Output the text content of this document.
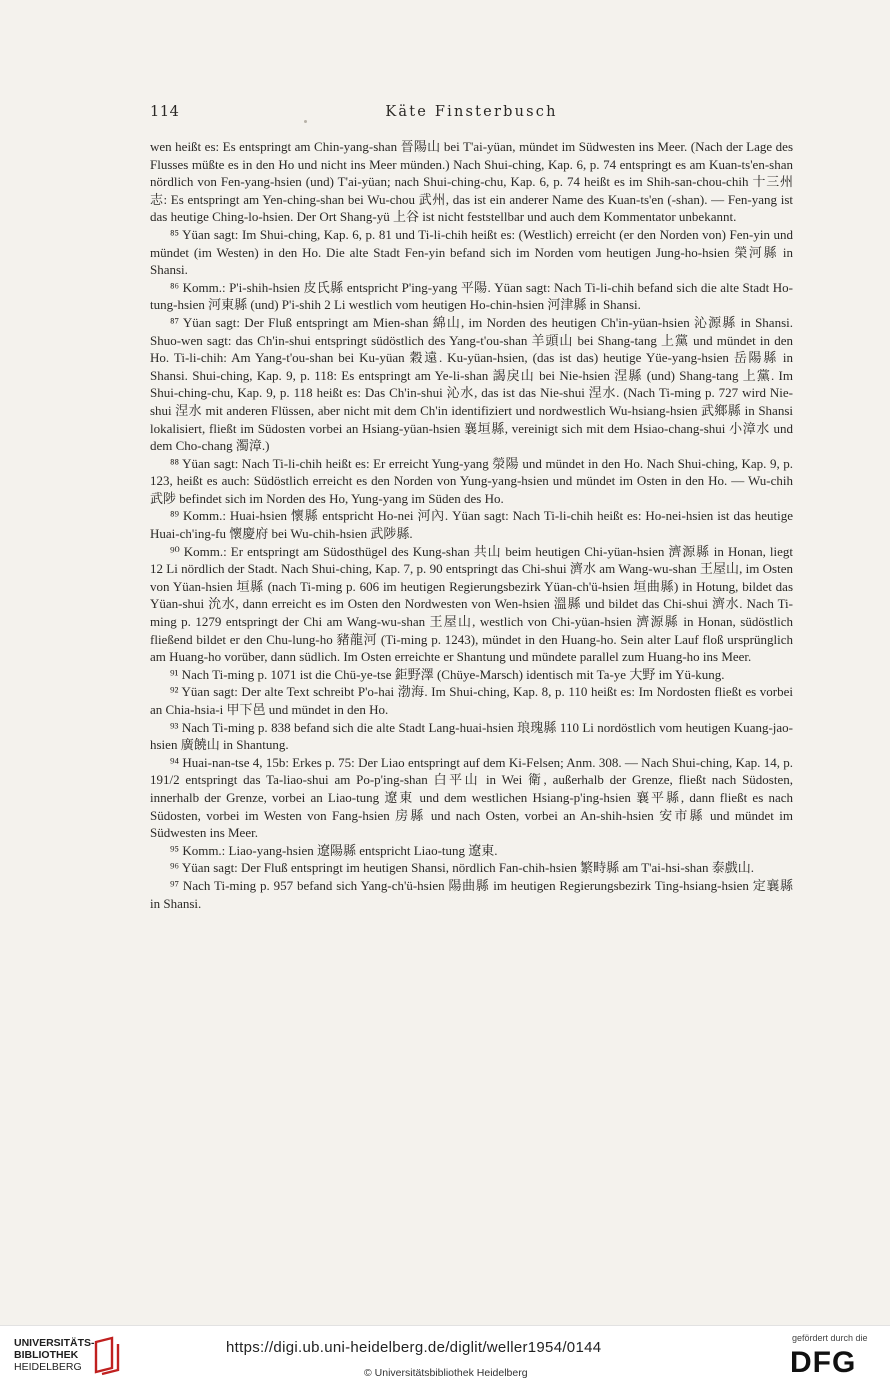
114	Käte Finsterbusch

wen heißt es: Es entspringt am Chin-yang-shan 晉陽山 bei T'ai-yüan, mündet im Südwesten ins Meer. (Nach der Lage des Flusses müßte es in den Ho und nicht ins Meer münden.) Nach Shui-ching, Kap. 6, p. 74 entspringt es am Kuan-ts'en-shan nördlich von Fen-yang-hsien (und) T'ai-yüan; nach Shui-ching-chu, Kap. 6, p. 74 heißt es im Shih-san-chou-chih 十三州志: Es entspringt am Yen-ching-shan bei Wu-chou 武州, das ist ein anderer Name des Kuan-ts'en (-shan). — Fen-yang ist das heutige Ching-lo-hsien. Der Ort Shang-yü 上谷 ist nicht feststellbar und auch dem Kommentator unbekannt.

⁸⁵ Yüan sagt: Im Shui-ching, Kap. 6, p. 81 und Ti-li-chih heißt es: (Westlich) erreicht (er den Norden von) Fen-yin und mündet (im Westen) in den Ho. Die alte Stadt Fen-yin befand sich im Norden vom heutigen Jung-ho-hsien 榮河縣 in Shansi.

⁸⁶ Komm.: P'i-shih-hsien 皮氏縣 entspricht P'ing-yang 平陽. Yüan sagt: Nach Ti-li-chih befand sich die alte Stadt Ho-tung-hsien 河東縣 (und) P'i-shih 2 Li westlich vom heutigen Ho-chin-hsien 河津縣 in Shansi.

⁸⁷ Yüan sagt: Der Fluß entspringt am Mien-shan 綿山, im Norden des heutigen Ch'in-yüan-hsien 沁源縣 in Shansi. Shuo-wen sagt: das Ch'in-shui entspringt südöstlich des Yang-t'ou-shan 羊頭山 bei Shang-tang 上黨 und mündet in den Ho. Ti-li-chih: Am Yang-t'ou-shan bei Ku-yüan 穀遠. Ku-yüan-hsien, (das ist das) heutige Yüe-yang-hsien 岳陽縣 in Shansi. Shui-ching, Kap. 9, p. 118: Es entspringt am Ye-li-shan 謁戾山 bei Nie-hsien 涅縣 (und) Shang-tang 上黨. Im Shui-ching-chu, Kap. 9, p. 118 heißt es: Das Ch'in-shui 沁水, das ist das Nie-shui 涅水. (Nach Ti-ming p. 727 wird Nie-shui 涅水 mit anderen Flüssen, aber nicht mit dem Ch'in identifiziert und nordwestlich Wu-hsiang-hsien 武鄉縣 in Shansi lokalisiert, fließt im Südosten vorbei an Hsiang-yüan-hsien 襄垣縣, vereinigt sich mit dem Hsiao-chang-shui 小漳水 und dem Cho-chang 濁漳.)

⁸⁸ Yüan sagt: Nach Ti-li-chih heißt es: Er erreicht Yung-yang 滎陽 und mündet in den Ho. Nach Shui-ching, Kap. 9, p. 123, heißt es auch: Südöstlich erreicht es den Norden von Yung-yang-hsien und mündet im Osten in den Ho. — Wu-chih 武陟 befindet sich im Norden des Ho, Yung-yang im Süden des Ho.

⁸⁹ Komm.: Huai-hsien 懷縣 entspricht Ho-nei 河內. Yüan sagt: Nach Ti-li-chih heißt es: Ho-nei-hsien ist das heutige Huai-ch'ing-fu 懷慶府 bei Wu-chih-hsien 武陟縣.

⁹⁰ Komm.: Er entspringt am Südosthügel des Kung-shan 共山 beim heutigen Chi-yüan-hsien 濟源縣 in Honan, liegt 12 Li nördlich der Stadt. Nach Shui-ching, Kap. 7, p. 90 entspringt das Chi-shui 濟水 am Wang-wu-shan 王屋山, im Osten von Yüan-hsien 垣縣 (nach Ti-ming p. 606 im heutigen Regierungsbezirk Yüan-ch'ü-hsien 垣曲縣) in Hotung, bildet das Yüan-shui 沇水, dann erreicht es im Osten den Nordwesten von Wen-hsien 溫縣 und bildet das Chi-shui 濟水. Nach Ti-ming p. 1279 entspringt der Chi am Wang-wu-shan 王屋山, westlich von Chi-yüan-hsien 濟源縣 in Honan, südöstlich fließend bildet er den Chu-lung-ho 豬龍河 (Ti-ming p. 1243), mündet in den Huang-ho. Sein alter Lauf floß ursprünglich am Huang-ho vorüber, dann südlich. Im Osten erreichte er Shantung und mündete parallel zum Huang-ho ins Meer.

⁹¹ Nach Ti-ming p. 1071 ist die Chü-ye-tse 鉅野澤 (Chüye-Marsch) identisch mit Ta-ye 大野 im Yü-kung.

⁹² Yüan sagt: Der alte Text schreibt P'o-hai 渤海. Im Shui-ching, Kap. 8, p. 110 heißt es: Im Nordosten fließt es vorbei an Chia-hsia-i 甲下邑 und mündet in den Ho.

⁹³ Nach Ti-ming p. 838 befand sich die alte Stadt Lang-huai-hsien 琅瑰縣 110 Li nordöstlich vom heutigen Kuang-jao-hsien 廣饒山 in Shantung.

⁹⁴ Huai-nan-tse 4, 15b: Erkes p. 75: Der Liao entspringt auf dem Ki-Felsen; Anm. 308. — Nach Shui-ching, Kap. 14, p. 191/2 entspringt das Ta-liao-shui am Po-p'ing-shan 白平山 in Wei 衛, außerhalb der Grenze, fließt nach Südosten, innerhalb der Grenze, vorbei an Liao-tung 遼東 und dem westlichen Hsiang-p'ing-hsien 襄平縣, dann fließt es nach Südosten, vorbei im Westen von Fang-hsien 房縣 und nach Osten, vorbei an An-shih-hsien 安市縣 und mündet im Südwesten ins Meer.

⁹⁵ Komm.: Liao-yang-hsien 遼陽縣 entspricht Liao-tung 遼東.

⁹⁶ Yüan sagt: Der Fluß entspringt im heutigen Shansi, nördlich Fan-chih-hsien 繁畤縣 am T'ai-hsi-shan 泰戲山.

⁹⁷ Nach Ti-ming p. 957 befand sich Yang-ch'ü-hsien 陽曲縣 im heutigen Regierungsbezirk Ting-hsiang-hsien 定襄縣 in Shansi.

UNIVERSITÄTS-
BIBLIOTHEK
HEIDELBERG
https://digi.ub.uni-heidelberg.de/diglit/weller1954/0144
© Universitätsbibliothek Heidelberg
gefördert durch die
DFG
